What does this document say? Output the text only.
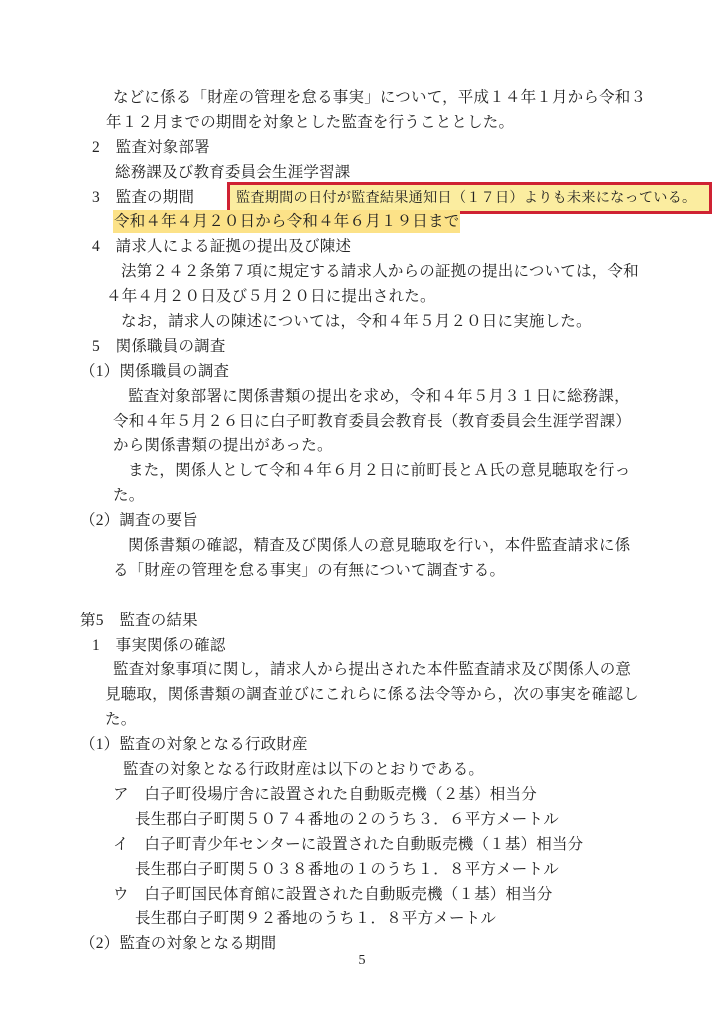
などに係る「財産の管理を怠る事実」について，平成１４年１月から令和３
年１２月までの期間を対象とした監査を行うこととした。
2　監査対象部署
総務課及び教育委員会生涯学習課
3　監査の期間	監査期間の日付が監査結果通知日（１７日）よりも未来になっている。
令和４年４月２０日から令和４年６月１９日まで
4　請求人による証拠の提出及び陳述
法第２４２条第７項に規定する請求人からの証拠の提出については，令和
４年４月２０日及び５月２０日に提出された。
なお，請求人の陳述については，令和４年５月２０日に実施した。
5　関係職員の調査
（1）関係職員の調査
監査対象部署に関係書類の提出を求め，令和４年５月３１日に総務課，
令和４年５月２６日に白子町教育委員会教育長（教育委員会生涯学習課）
から関係書類の提出があった。
また，関係人として令和４年６月２日に前町長とＡ氏の意見聴取を行っ
た。
（2）調査の要旨
関係書類の確認，精査及び関係人の意見聴取を行い，本件監査請求に係
る「財産の管理を怠る事実」の有無について調査する。
第5　監査の結果
1　事実関係の確認
監査対象事項に関し，請求人から提出された本件監査請求及び関係人の意
見聴取，関係書類の調査並びにこれらに係る法令等から，次の事実を確認し
た。
（1）監査の対象となる行政財産
監査の対象となる行政財産は以下のとおりである。
ア　白子町役場庁舎に設置された自動販売機（２基）相当分
長生郡白子町関５０７４番地の２のうち３．６平方メートル
イ　白子町青少年センターに設置された自動販売機（１基）相当分
長生郡白子町関５０３８番地の１のうち１．８平方メートル
ウ　白子町国民体育館に設置された自動販売機（１基）相当分
長生郡白子町関９２番地のうち１．８平方メートル
（2）監査の対象となる期間
5
